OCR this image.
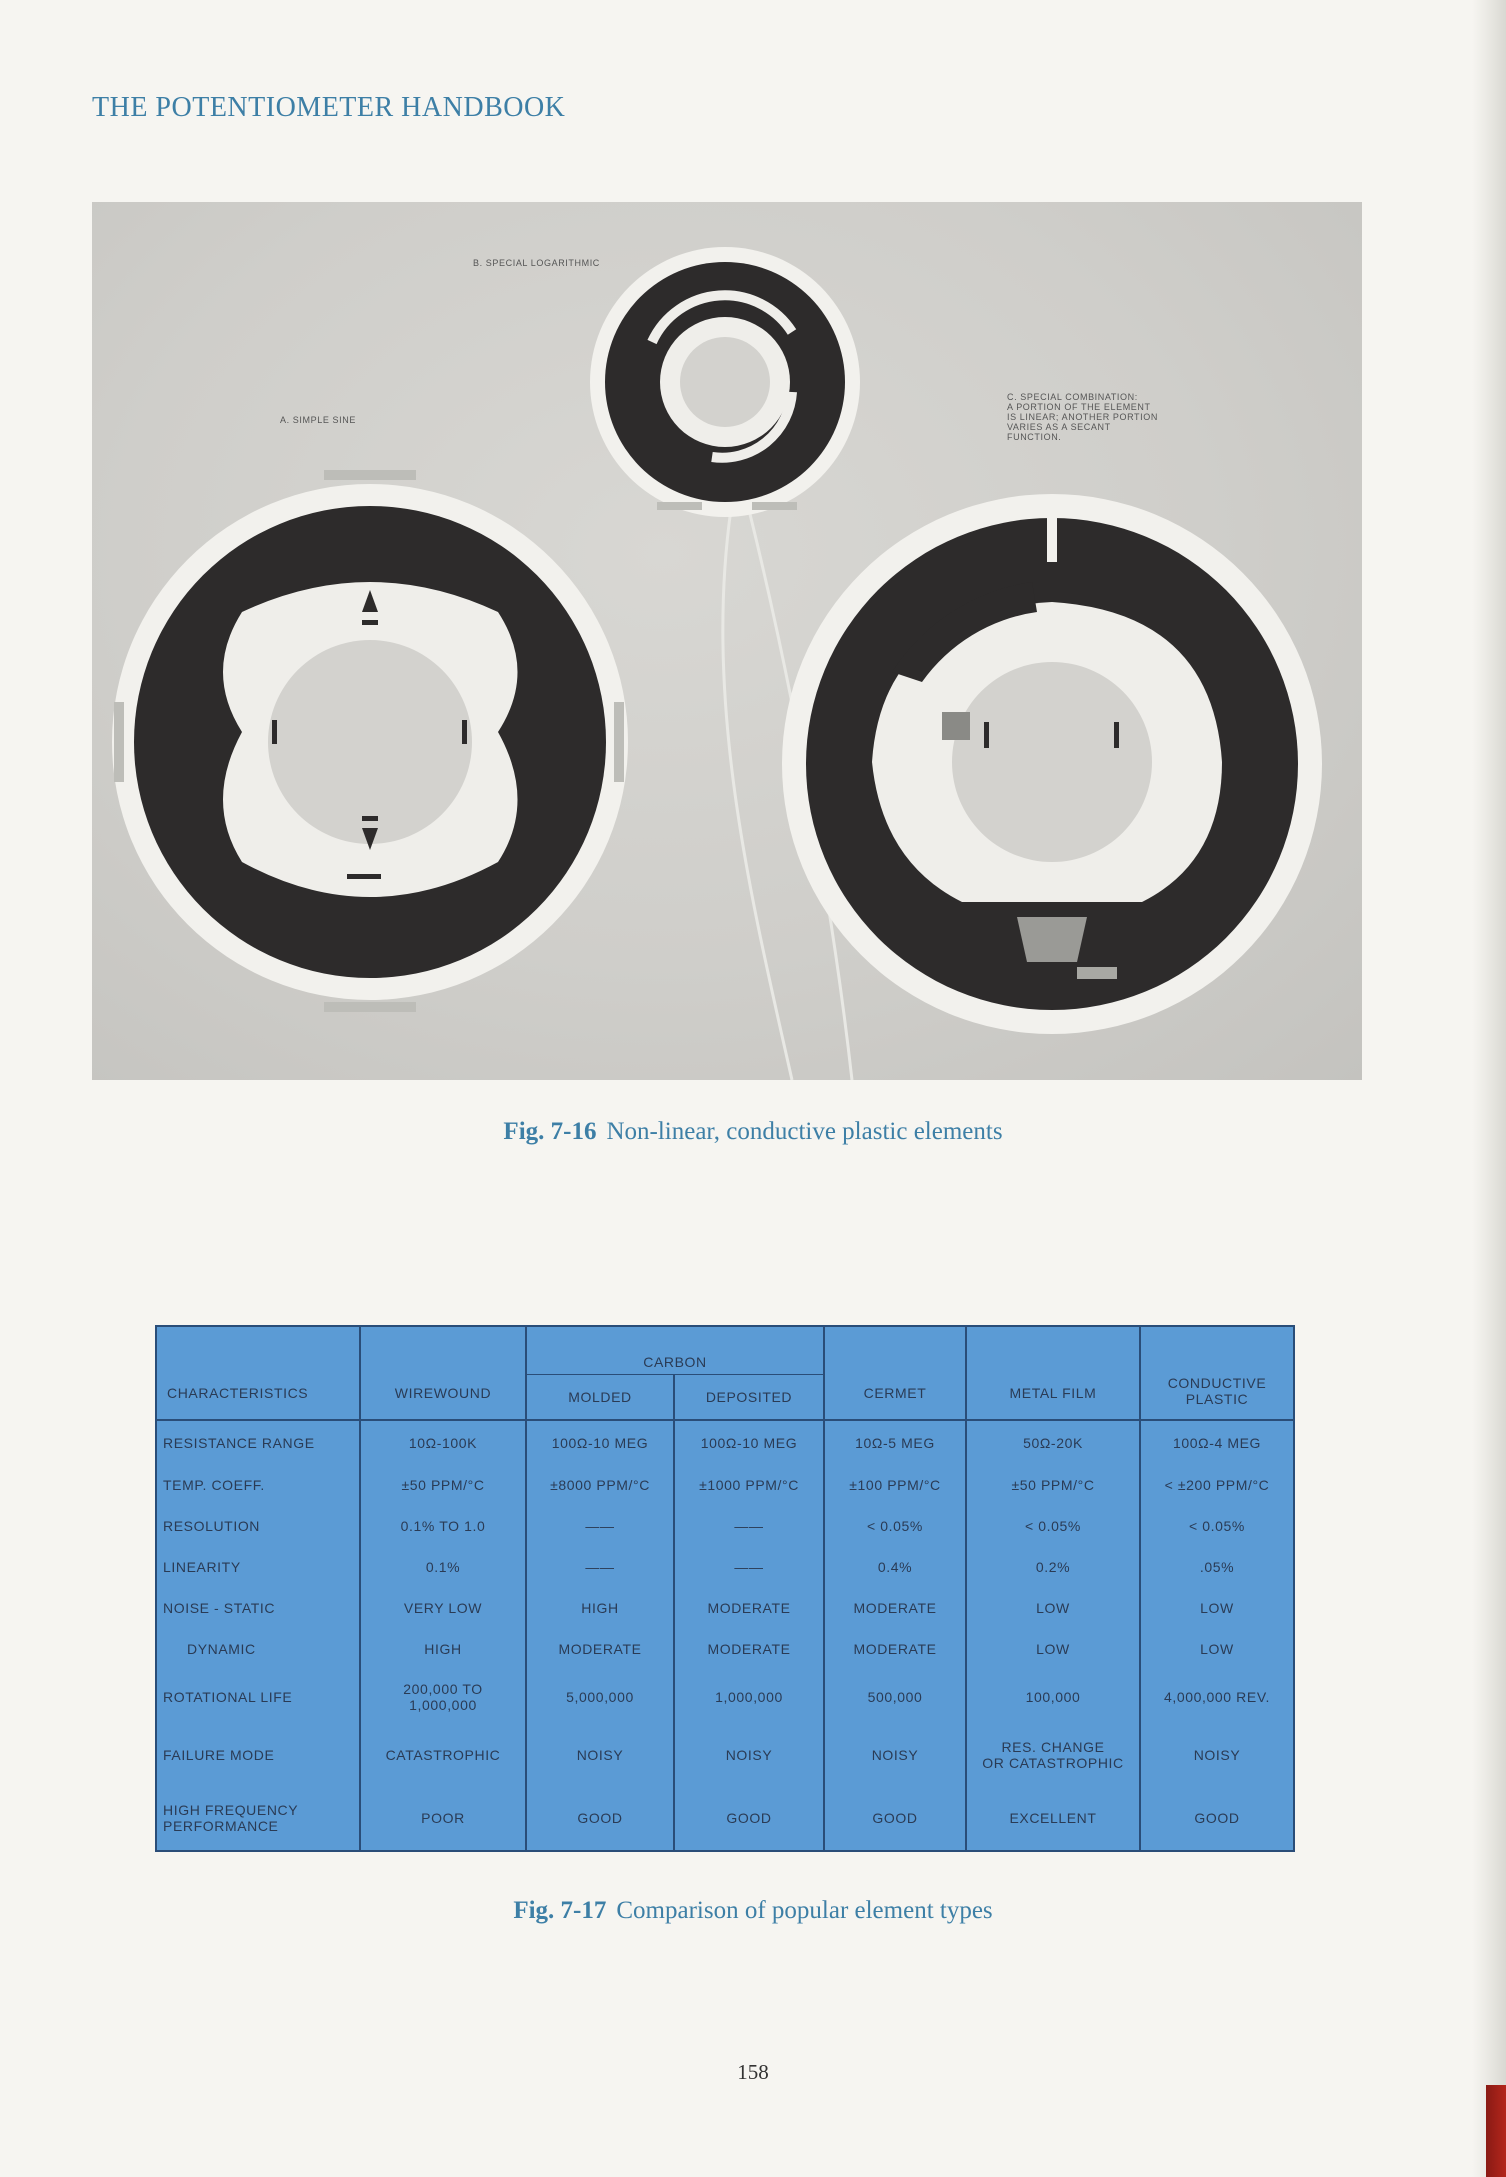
THE POTENTIOMETER HANDBOOK
A. SIMPLE SINE
B. SPECIAL LOGARITHMIC
C. SPECIAL COMBINATION:
A PORTION OF THE ELEMENT
IS LINEAR; ANOTHER PORTION
VARIES AS A SECANT
FUNCTION.
Fig. 7-16 Non-linear, conductive plastic elements
CHARACTERISTICS	WIREWOUND	CARBON		CERMET	METAL FILM	CONDUCTIVE
PLASTIC

		MOLDED	DEPOSITED			

RESISTANCE RANGE	10Ω-100K	100Ω-10 MEG	100Ω-10 MEG	10Ω-5 MEG	50Ω-20K	100Ω-4 MEG

TEMP. COEFF.	±50 PPM/°C	±8000 PPM/°C	±1000 PPM/°C	±100 PPM/°C	±50 PPM/°C	< ±200 PPM/°C

RESOLUTION	0.1% TO 1.0	——	——	< 0.05%	< 0.05%	< 0.05%

LINEARITY	0.1%	——	——	0.4%	0.2%	.05%

NOISE - STATIC	VERY LOW	HIGH	MODERATE	MODERATE	LOW	LOW

DYNAMIC	HIGH	MODERATE	MODERATE	MODERATE	LOW	LOW

ROTATIONAL LIFE	200,000 TO
1,000,000	5,000,000	1,000,000	500,000	100,000	4,000,000 REV.

FAILURE MODE	CATASTROPHIC	NOISY	NOISY	NOISY	RES. CHANGE
OR CATASTROPHIC	NOISY

HIGH FREQUENCY
PERFORMANCE	POOR	GOOD	GOOD	GOOD	EXCELLENT	GOOD
Fig. 7-17 Comparison of popular element types
158
